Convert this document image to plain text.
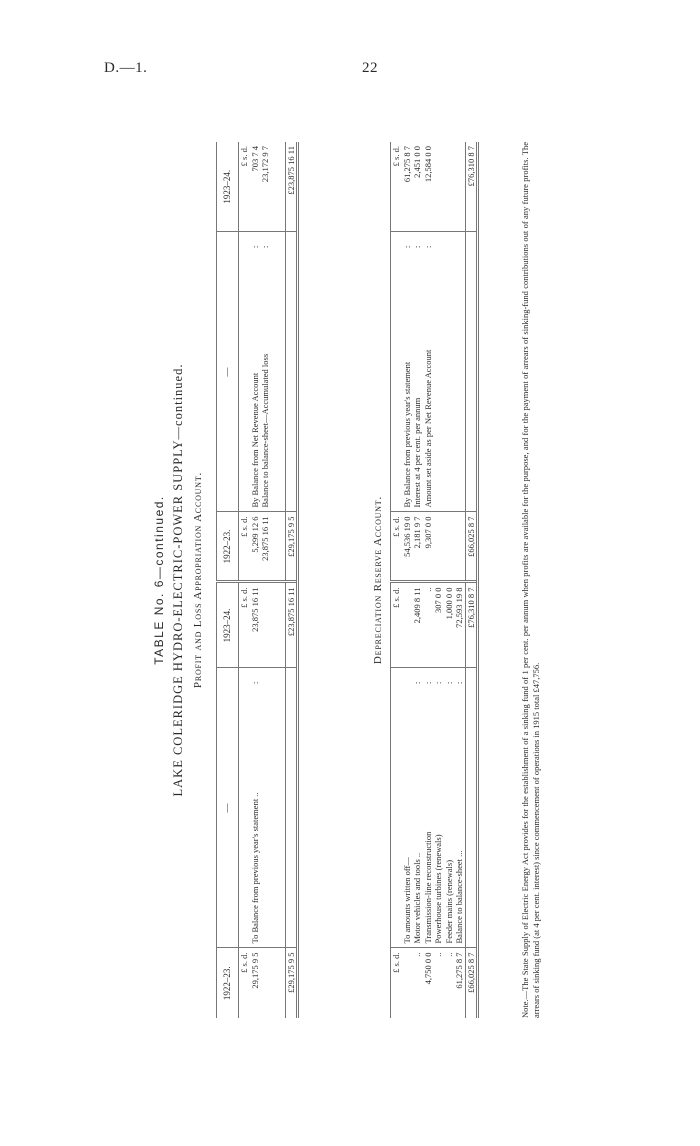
D.—1.	22
TABLE No. 6—continued. LAKE COLERIDGE HYDRO-ELECTRIC-POWER SUPPLY—continued. Profit and Loss Appropriation Account.
1922–23.	—		1923–24.	1922–23.	—		1923–24.
£ s. d.			£ s. d.	£ s. d.			£ s. d.
29,175 9 5	To Balance from previous year's statement ..	:	23,875 16 11	5,299 12 6	By Balance from Net Revenue Account	:	703 7 4
				23,875 16 11	Balance to balance-sheet—Accumulated loss	:	23,172 9 7

£29,175 9 5			£23,875 16 11	£29,175 9 5			£23,875 16 11
Depreciation Reserve Account.
£ s. d.			£ s. d.	£ s. d.			£ s. d.
	To amounts written off—			54,536 19 0	By Balance from previous year's statement	:	61,275 8 7
..	Motor vehicles and tools ..	:	2,409 8 11	2,181 9 7	Interest at 4 per cent. per annum	:	2,451 0 0
4,750 0 0	Transmission-line reconstruction	:	..	9,307 0 0	Amount set aside as per Net Revenue Account	:	12,584 0 0
..	Powerhouse turbines (renewals)	:	307 0 0				
..	Feeder mains (renewals)	:	1,000 0 0				
61,275 8 7	Balance to balance-sheet ...	:	72,593 19 8				
£66,025 8 7			£76,310 8 7	£66,025 8 7			£76,310 8 7	Note.—The State Supply of Electric Energy Act provides for the establishment of a sinking fund of 1 per cent. per annum when profits are available for the purpose, and for the payment of arrears of sinking-fund contributions out of any future profits. The arrears of sinking fund (at 4 per cent. interest) since commencement of operations in 1915 total £47,756.
